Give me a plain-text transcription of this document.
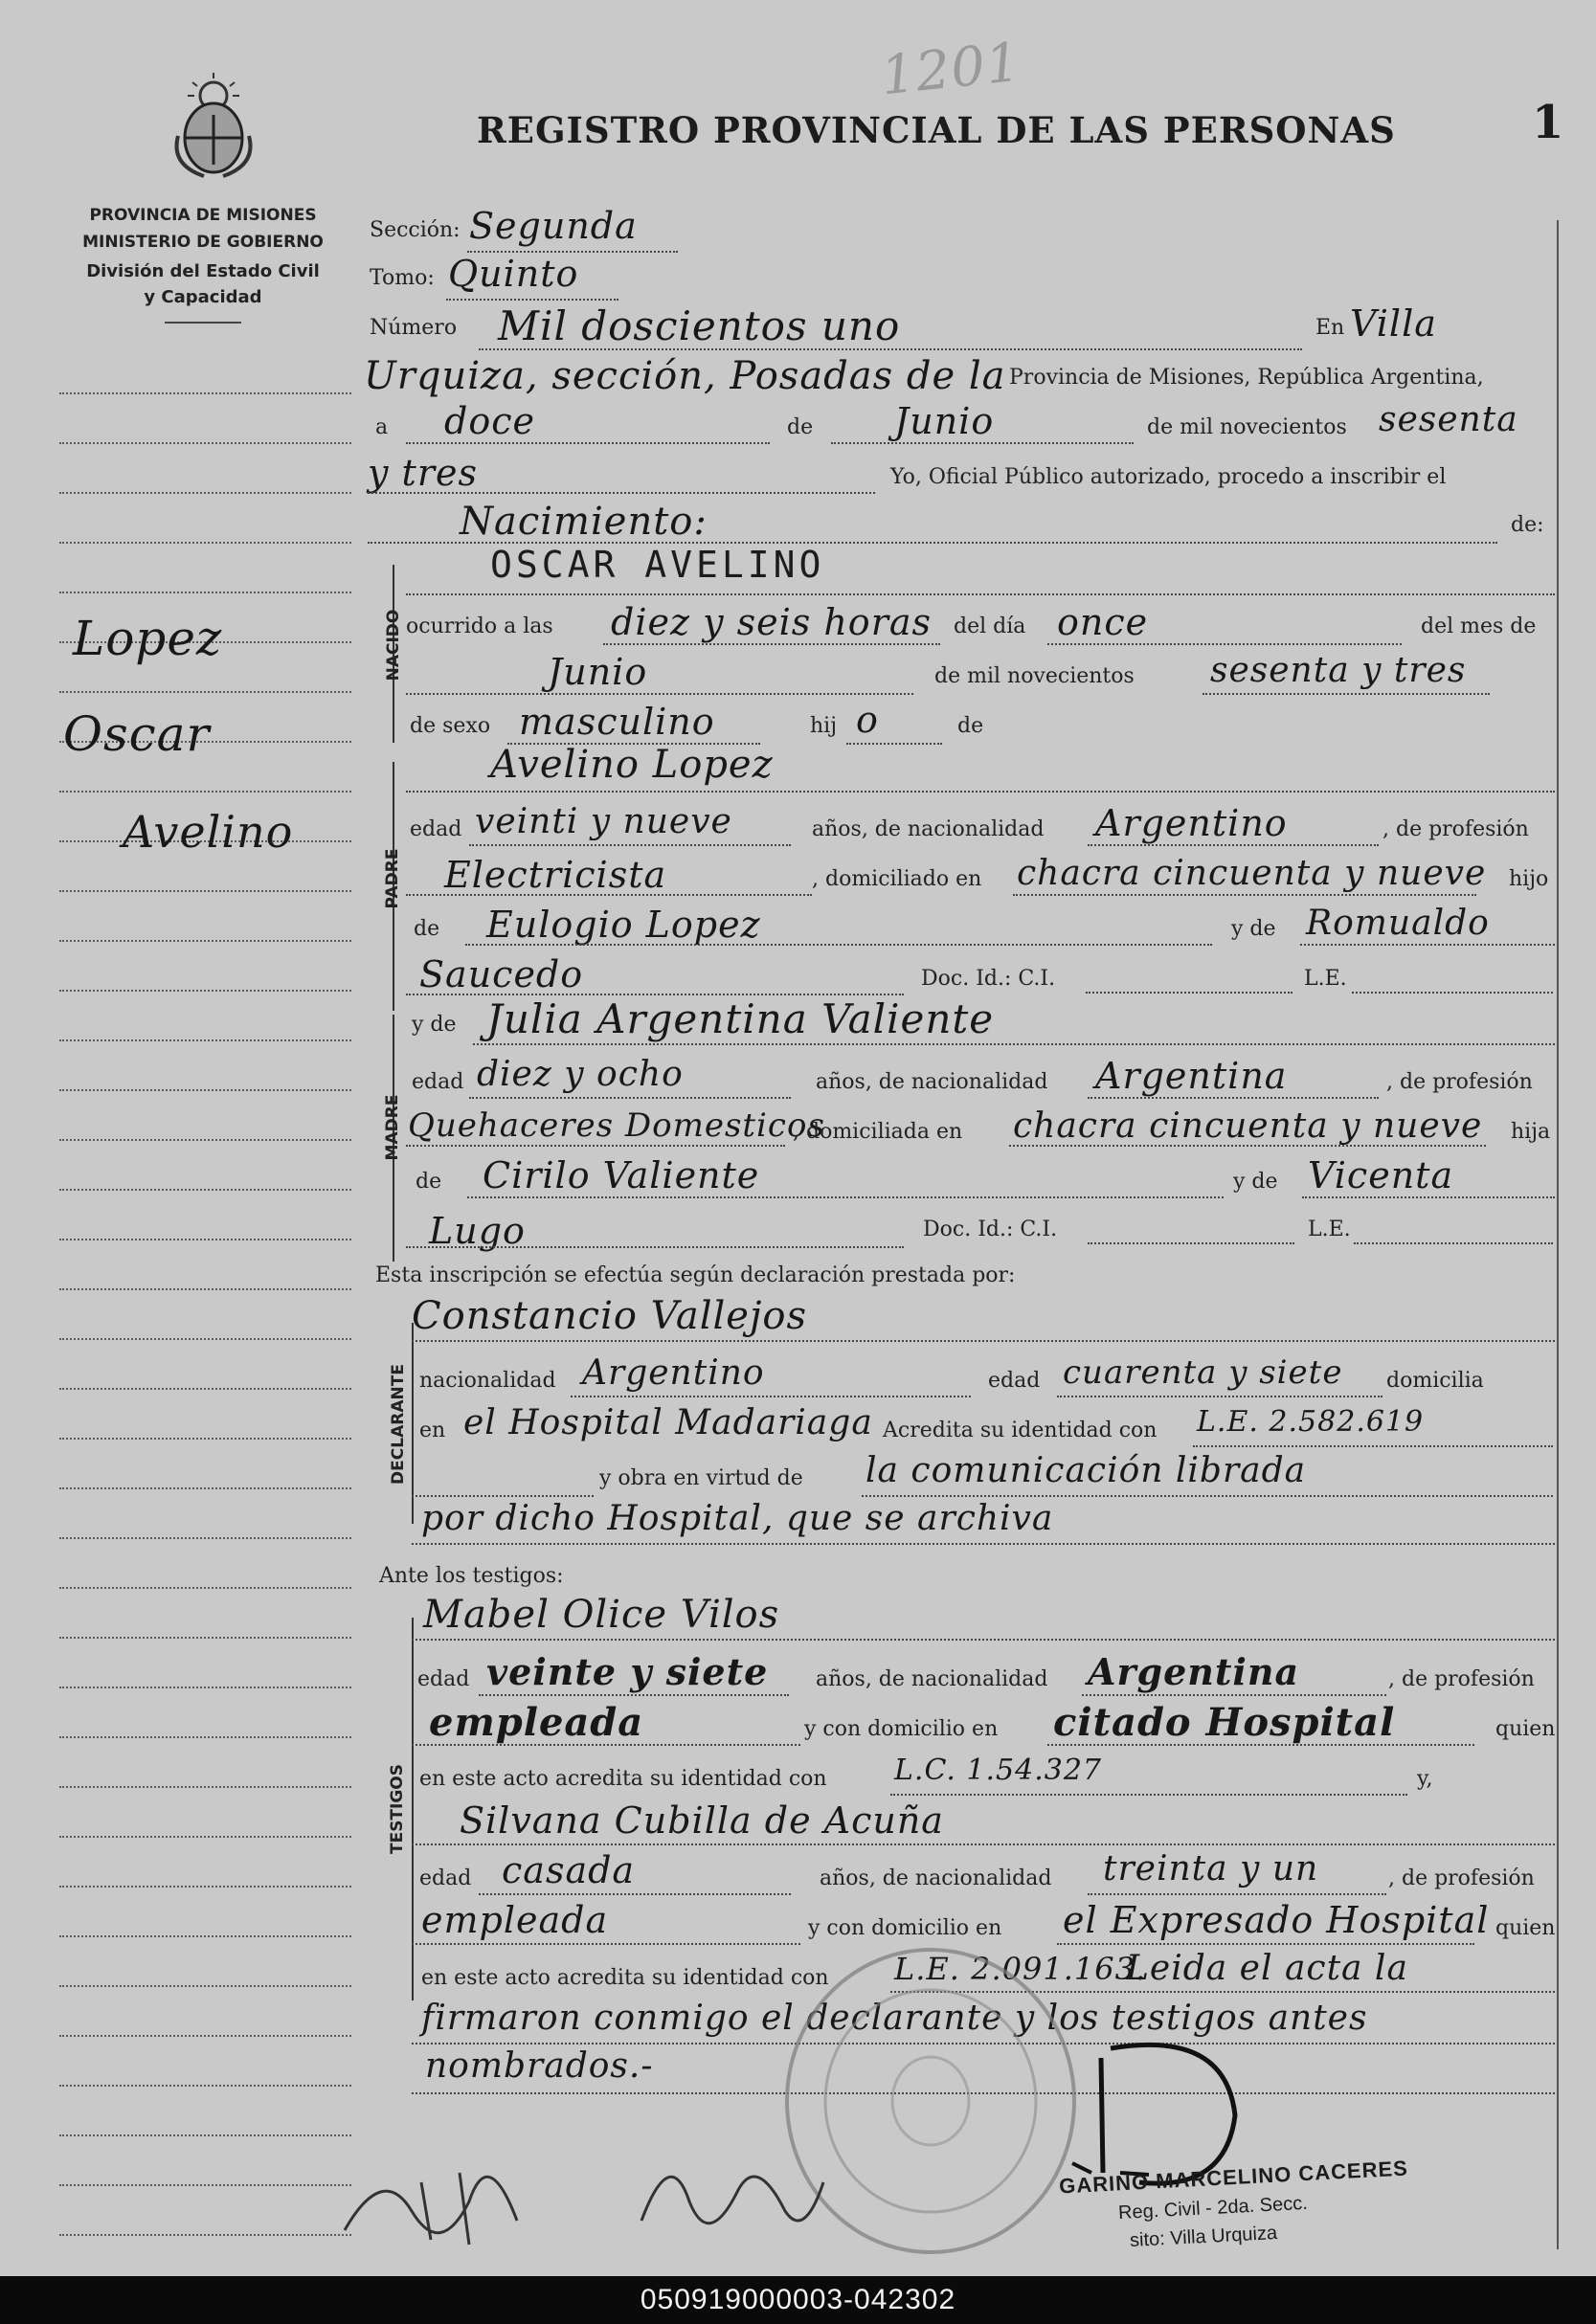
1201
REGISTRO PROVINCIAL DE LAS PERSONAS	1
PROVINCIA DE MISIONES
MINISTERIO DE GOBIERNO
División del Estado Civil
y Capacidad
Lopez
Oscar
Avelino
Sección: Segunda
Tomo: Quinto
Número Mil doscientos uno	En Villa
Urquiza, sección, Posadas de la Provincia de Misiones, República Argentina,
a doce	de Junio	de mil novecientos sesenta
y tres	Yo, Oficial Público autorizado, procedo a inscribir el
Nacimiento:	de:
NACIDO
OSCAR AVELINO
ocurrido a las diez y seis horas del día once	del mes de
Junio	de mil novecientos sesenta y tres
de sexo masculino	hij o	de
PADRE
Avelino Lopez
edad veinti y nueve	años, de nacionalidad Argentino	, de profesión
Electricista	, domiciliado en chacra cincuenta y nueve hijo
de Eulogio Lopez	y de Romualdo
Saucedo	Doc. Id.: C.I.	L.E.
MADRE
y de Julia Argentina Valiente
edad diez y ocho	años, de nacionalidad Argentina	, de profesión
Quehaceres Domesticos
, domiciliada en chacra cincuenta y nueve hija
de Cirilo Valiente	y de Vicenta
Lugo	Doc. Id.: C.I.	L.E.
Esta inscripción se efectúa según declaración prestada por:
DECLARANTE
Constancio Vallejos
nacionalidad Argentino	edad cuarenta y siete domicilia
en el Hospital Madariaga Acredita su identidad con L.E. 2.582.619
y obra en virtud de la comunicación librada
por dicho Hospital, que se archiva
Ante los testigos:
TESTIGOS
Mabel Olice Vilos
edad veinte y siete años, de nacionalidad Argentina	, de profesión
empleada	y con domicilio en citado Hospital	quien
en este acto acredita su identidad con L.C. 1.54.327	y,
Silvana Cubilla de Acuña
edad casada	años, de nacionalidad treinta y un	, de profesión
empleada	y con domicilio en el Expresado Hospital quien
en este acto acredita su identidad con L.E. 2.091.163.
Leida el acta la
firmaron conmigo el declarante y los testigos antes
nombrados.-
GARINO MARCELINO CACERES
Reg. Civil - 2da. Secc.
sito: Villa Urquiza
050919000003-042302
